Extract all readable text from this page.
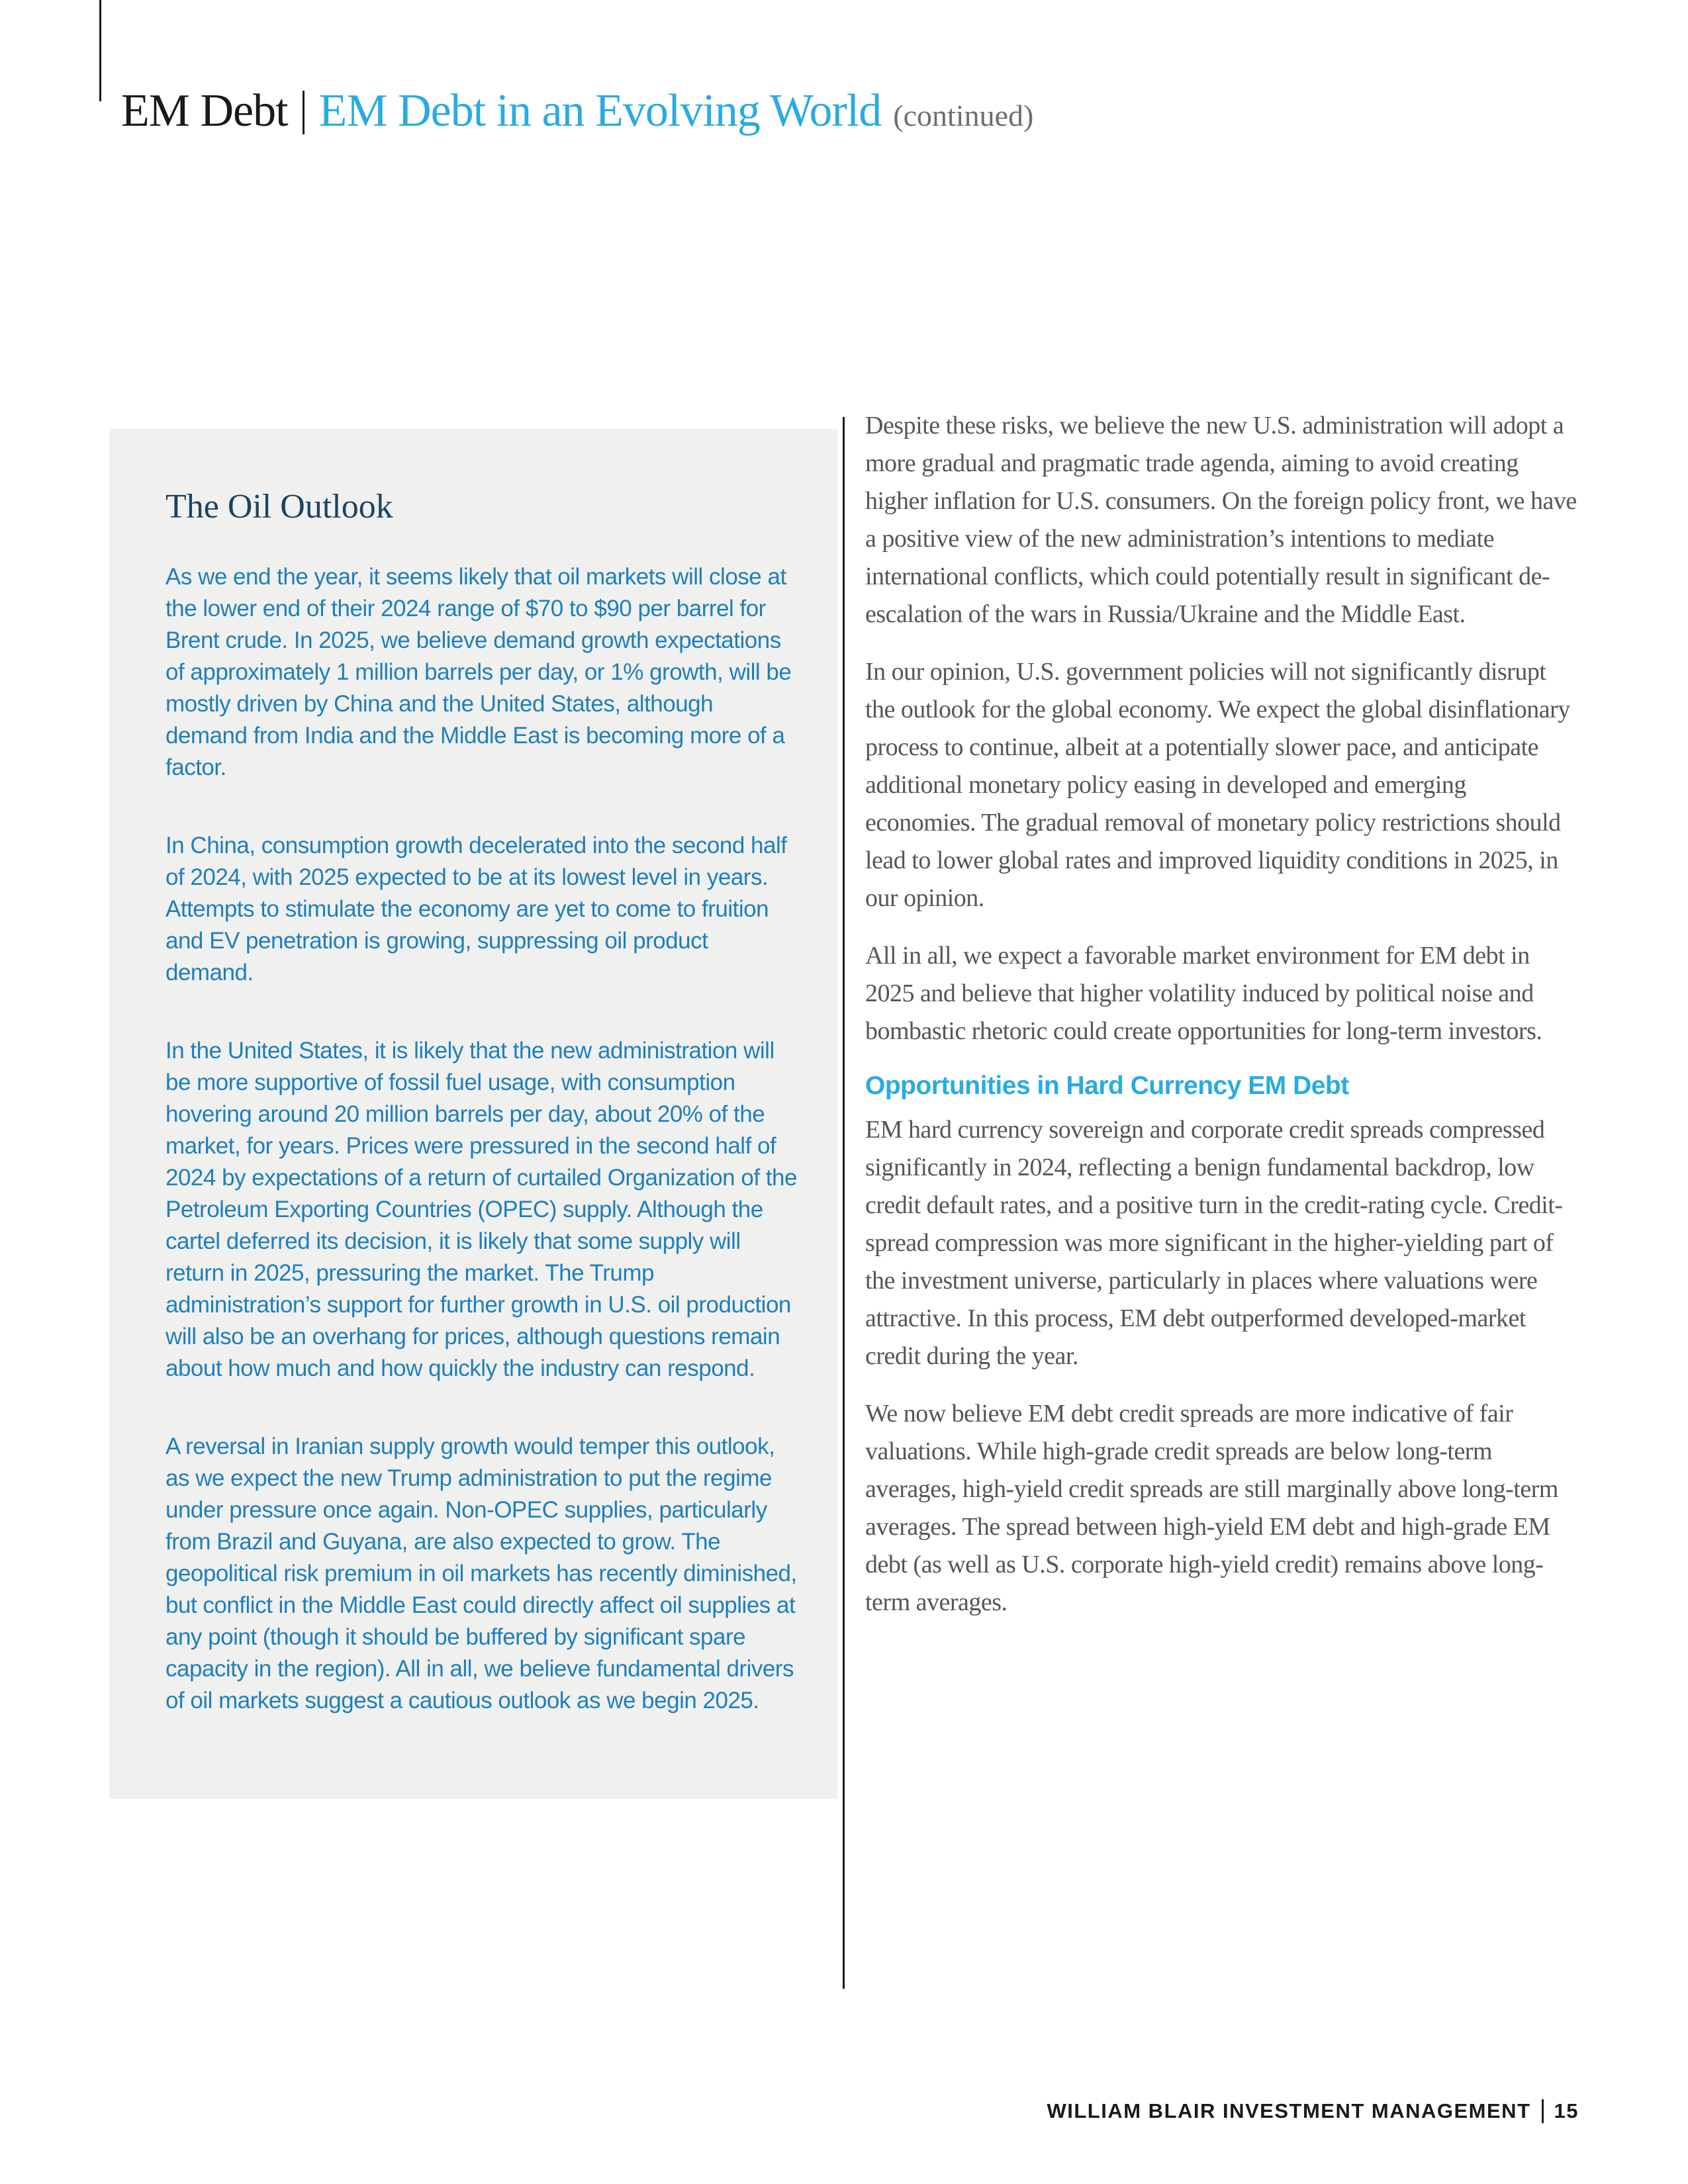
EM Debt EM Debt in an Evolving World (continued)
The Oil Outlook

As we end the year, it seems likely that oil markets will close at the lower end of their 2024 range of $70 to $90 per barrel for Brent crude. In 2025, we believe demand growth expectations of approximately 1 million barrels per day, or 1% growth, will be mostly driven by China and the United States, although demand from India and the Middle East is becoming more of a factor.

In China, consumption growth decelerated into the second half of 2024, with 2025 expected to be at its lowest level in years. Attempts to stimulate the economy are yet to come to fruition and EV penetration is growing, suppressing oil product demand.

In the United States, it is likely that the new administration will be more supportive of fossil fuel usage, with consumption hovering around 20 million barrels per day, about 20% of the market, for years. Prices were pressured in the second half of 2024 by expectations of a return of curtailed Organization of the Petroleum Exporting Countries (OPEC) supply. Although the cartel deferred its decision, it is likely that some supply will return in 2025, pressuring the market. The Trump administration’s support for further growth in U.S. oil production will also be an overhang for prices, although questions remain about how much and how quickly the industry can respond.

A reversal in Iranian supply growth would temper this outlook, as we expect the new Trump administration to put the regime under pressure once again. Non-OPEC supplies, particularly from Brazil and Guyana, are also expected to grow. The geopolitical risk premium in oil markets has recently diminished, but conflict in the Middle East could directly affect oil supplies at any point (though it should be buffered by significant spare capacity in the region). All in all, we believe fundamental drivers of oil markets suggest a cautious outlook as we begin 2025.

Despite these risks, we believe the new U.S. administration will adopt a more gradual and pragmatic trade agenda, aiming to avoid creating higher inflation for U.S. consumers. On the foreign policy front, we have a positive view of the new administration’s intentions to mediate international conflicts, which could potentially result in significant de-escalation of the wars in Russia/Ukraine and the Middle East.

In our opinion, U.S. government policies will not significantly disrupt the outlook for the global economy. We expect the global disinflationary process to continue, albeit at a potentially slower pace, and anticipate additional monetary policy easing in developed and emerging economies. The gradual removal of monetary policy restrictions should lead to lower global rates and improved liquidity conditions in 2025, in our opinion.

All in all, we expect a favorable market environment for EM debt in 2025 and believe that higher volatility induced by political noise and bombastic rhetoric could create opportunities for long-term investors.

Opportunities in Hard Currency EM Debt

EM hard currency sovereign and corporate credit spreads compressed significantly in 2024, reflecting a benign fundamental backdrop, low credit default rates, and a positive turn in the credit-rating cycle. Credit-spread compression was more significant in the higher-yielding part of the investment universe, particularly in places where valuations were attractive. In this process, EM debt outperformed developed-market credit during the year.

We now believe EM debt credit spreads are more indicative of fair valuations. While high-grade credit spreads are below long-term averages, high-yield credit spreads are still marginally above long-term averages. The spread between high-yield EM debt and high-grade EM debt (as well as U.S. corporate high-yield credit) remains above long-term averages.

WILLIAM BLAIR INVESTMENT MANAGEMENT 15
